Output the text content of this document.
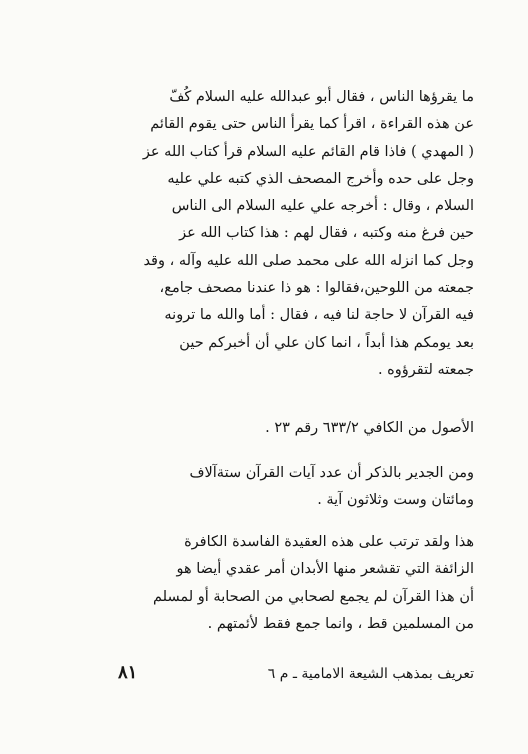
ما يقرؤها الناس ، فقال أبو عبدالله عليه السلام كُفّ
عن هذه القراءة ، اقرأ كما يقرأ الناس حتى يقوم القائم
( المهدي ) فاذا قام القائم عليه السلام قرأ كتاب الله عز
وجل على حده وأخرج المصحف الذي كتبه علي عليه
السلام ، وقال : أخرجه علي عليه السلام الى الناس
حين فرغ منه وكتبه ، فقال لهم : هذا كتاب الله عز
وجل كما انزله الله على محمد صلى الله عليه وآله ، وقد
جمعته من اللوحين،فقالوا : هو ذا عندنا مصحف جامع،
فيه القرآن لا حاجة لنا فيه ، فقال : أما والله ما ترونه
بعد يومكم هذا أبداً ، انما كان علي أن أخبركم حين
جمعته لتقرؤوه .
الأصول من الكافي ٦٣٣/٢ رقم ٢٣ .
ومن الجدير بالذكر أن عدد آيات القرآن ستةآلاف
ومائتان وست وثلاثون آية .
هذا ولقد ترتب على هذه العقيدة الفاسدة الكافرة
الزائفة التي تقشعر منها الأبدان أمر عقدي أيضا هو
أن هذا القرآن لم يجمع لصحابي من الصحابة أو لمسلم
من المسلمين قط ، وانما جمع فقط لأئمتهم .
تعريف بمذهب الشيعة الامامية ـ م ٦
٨١
